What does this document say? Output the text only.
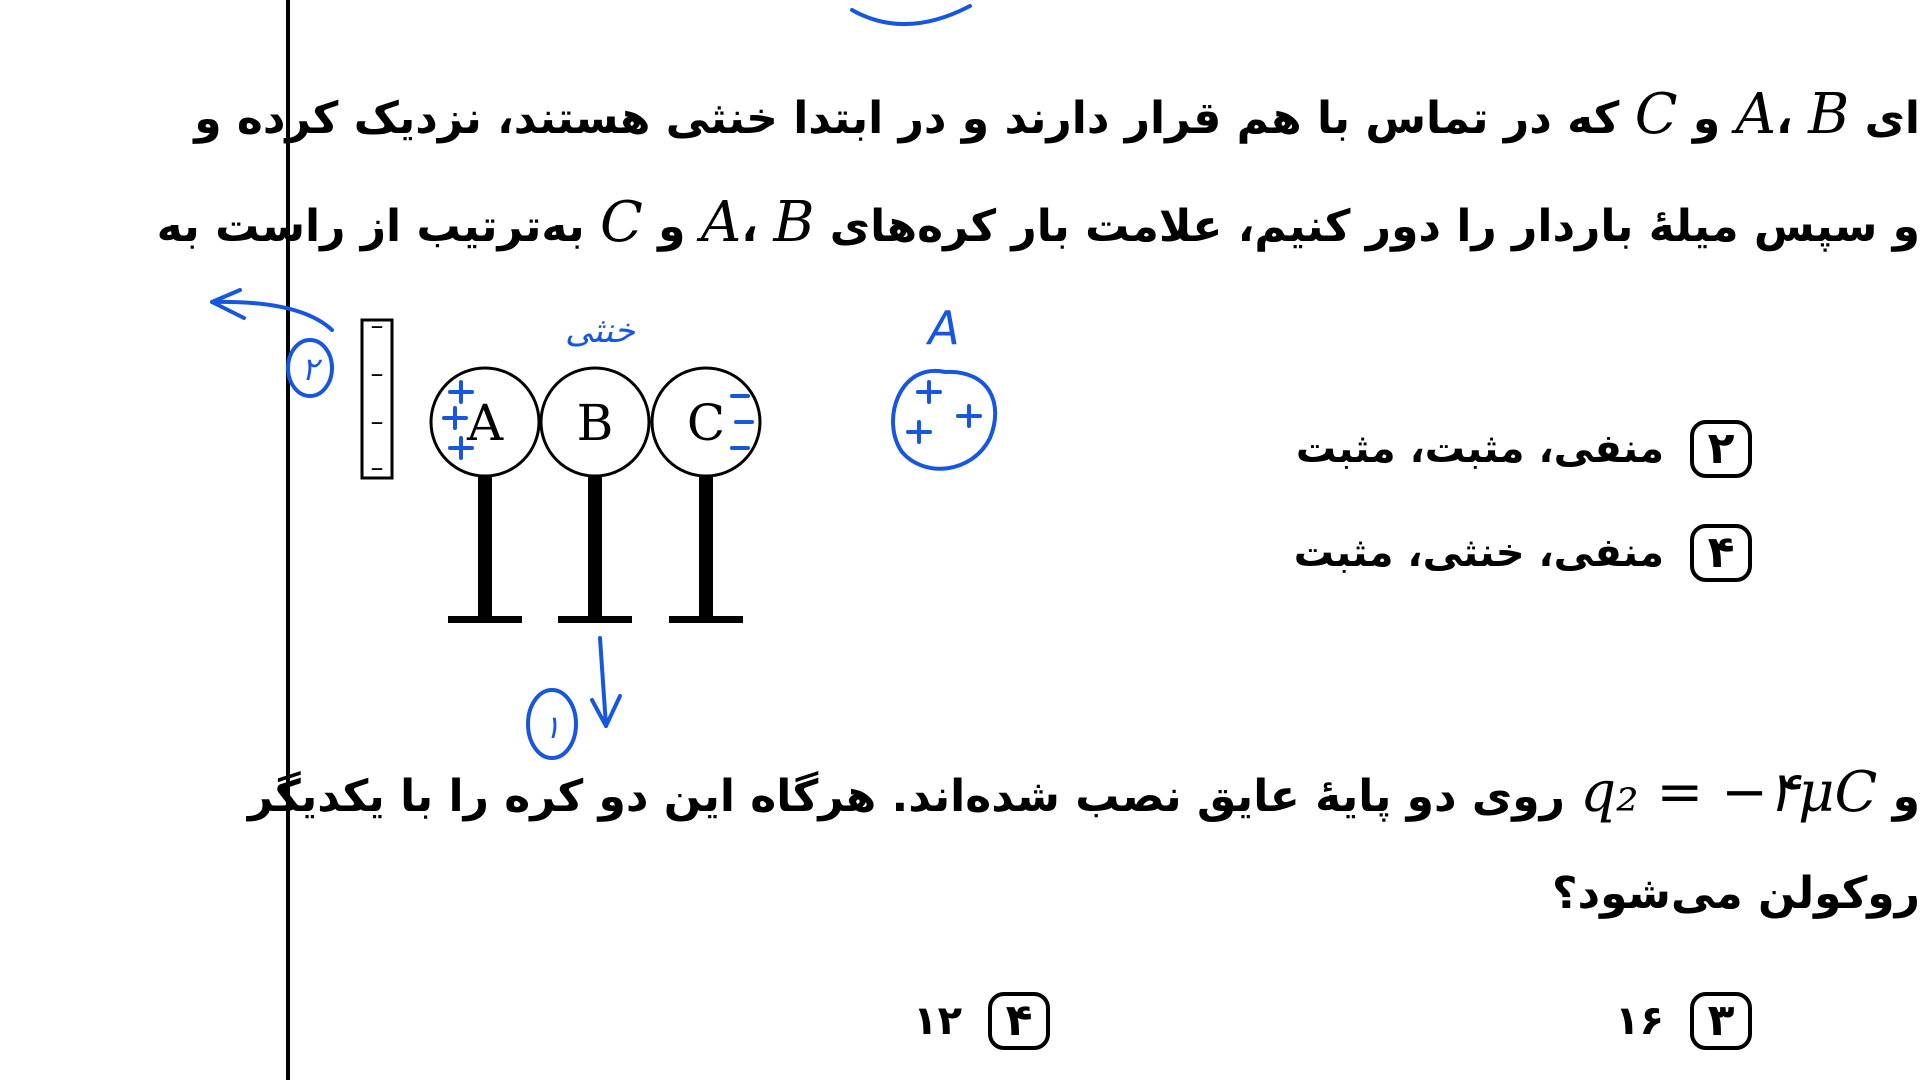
ای A، B و C که در تماس با هم قرار دارند و در ابتدا خنثی هستند، نزدیک کرده و
و سپس میلهٔ باردار را دور کنیم، علامت بار کره‌های A، B و C به‌ترتیب از راست به
۲
منفی، مثبت، مثبت
۴
منفی، خنثی، مثبت
و q₂ = −۴μC روی دو پایهٔ عایق نصب شده‌اند. هرگاه این دو کره را با یکدیگر
روکولن می‌شود؟
۳
۱۶
۴
۱۲
–
–
–
–
A B C
خنثی	A
۲
۱
